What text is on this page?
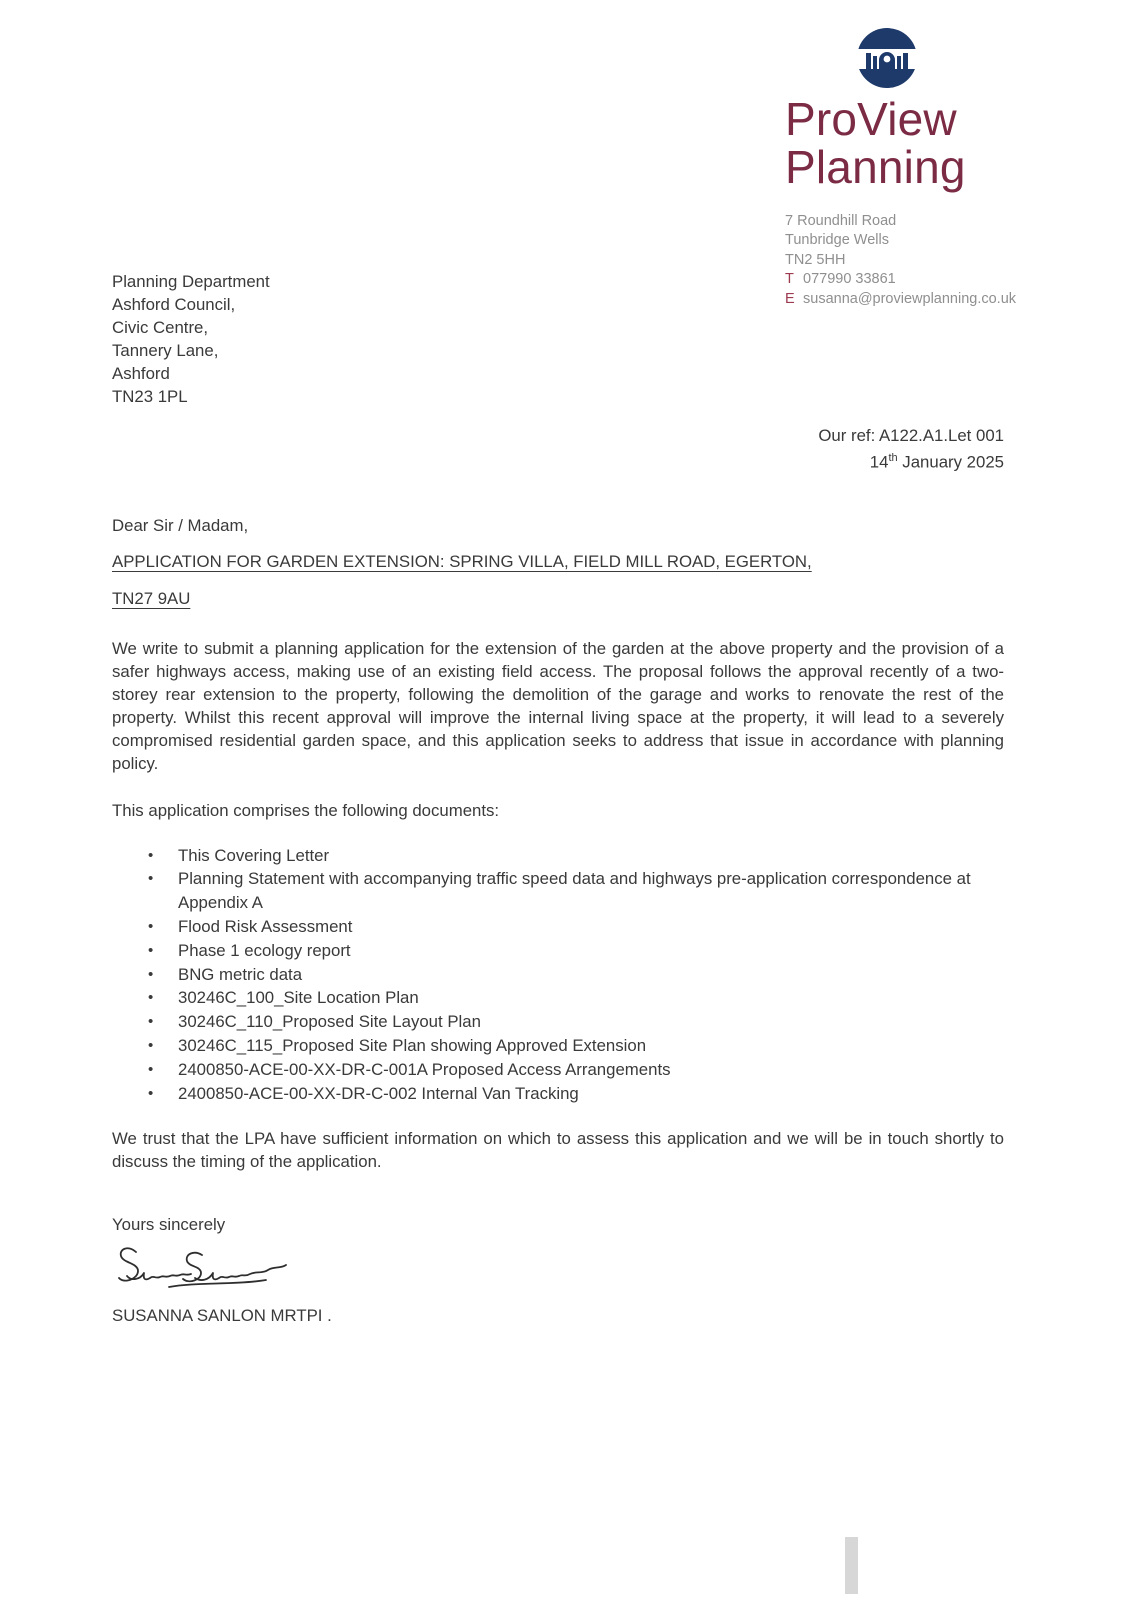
ProView
Planning
7 Roundhill Road
Tunbridge Wells
TN2 5HH
T 077990 33861
E susanna@proviewplanning.co.uk
Planning Department
Ashford Council,
Civic Centre,
Tannery Lane,
Ashford
TN23 1PL
Our ref: A122.A1.Let 001
14th January 2025

Dear Sir / Madam,

APPLICATION FOR GARDEN EXTENSION: SPRING VILLA, FIELD MILL ROAD, EGERTON,
TN27 9AU

We write to submit a planning application for the extension of the garden at the above property and the provision of a safer highways access, making use of an existing field access. The proposal follows the approval recently of a two-storey rear extension to the property, following the demolition of the garage and works to renovate the rest of the property. Whilst this recent approval will improve the internal living space at the property, it will lead to a severely compromised residential garden space, and this application seeks to address that issue in accordance with planning policy.

This application comprises the following documents:

• This Covering Letter
• Planning Statement with accompanying traffic speed data and highways pre-application correspondence at Appendix A
• Flood Risk Assessment
• Phase 1 ecology report
• BNG metric data
• 30246C_100_Site Location Plan
• 30246C_110_Proposed Site Layout Plan
• 30246C_115_Proposed Site Plan showing Approved Extension
• 2400850-ACE-00-XX-DR-C-001A Proposed Access Arrangements
• 2400850-ACE-00-XX-DR-C-002 Internal Van Tracking

We trust that the LPA have sufficient information on which to assess this application and we will be in touch shortly to discuss the timing of the application.

Yours sincerely

SUSANNA SANLON MRTPI .
